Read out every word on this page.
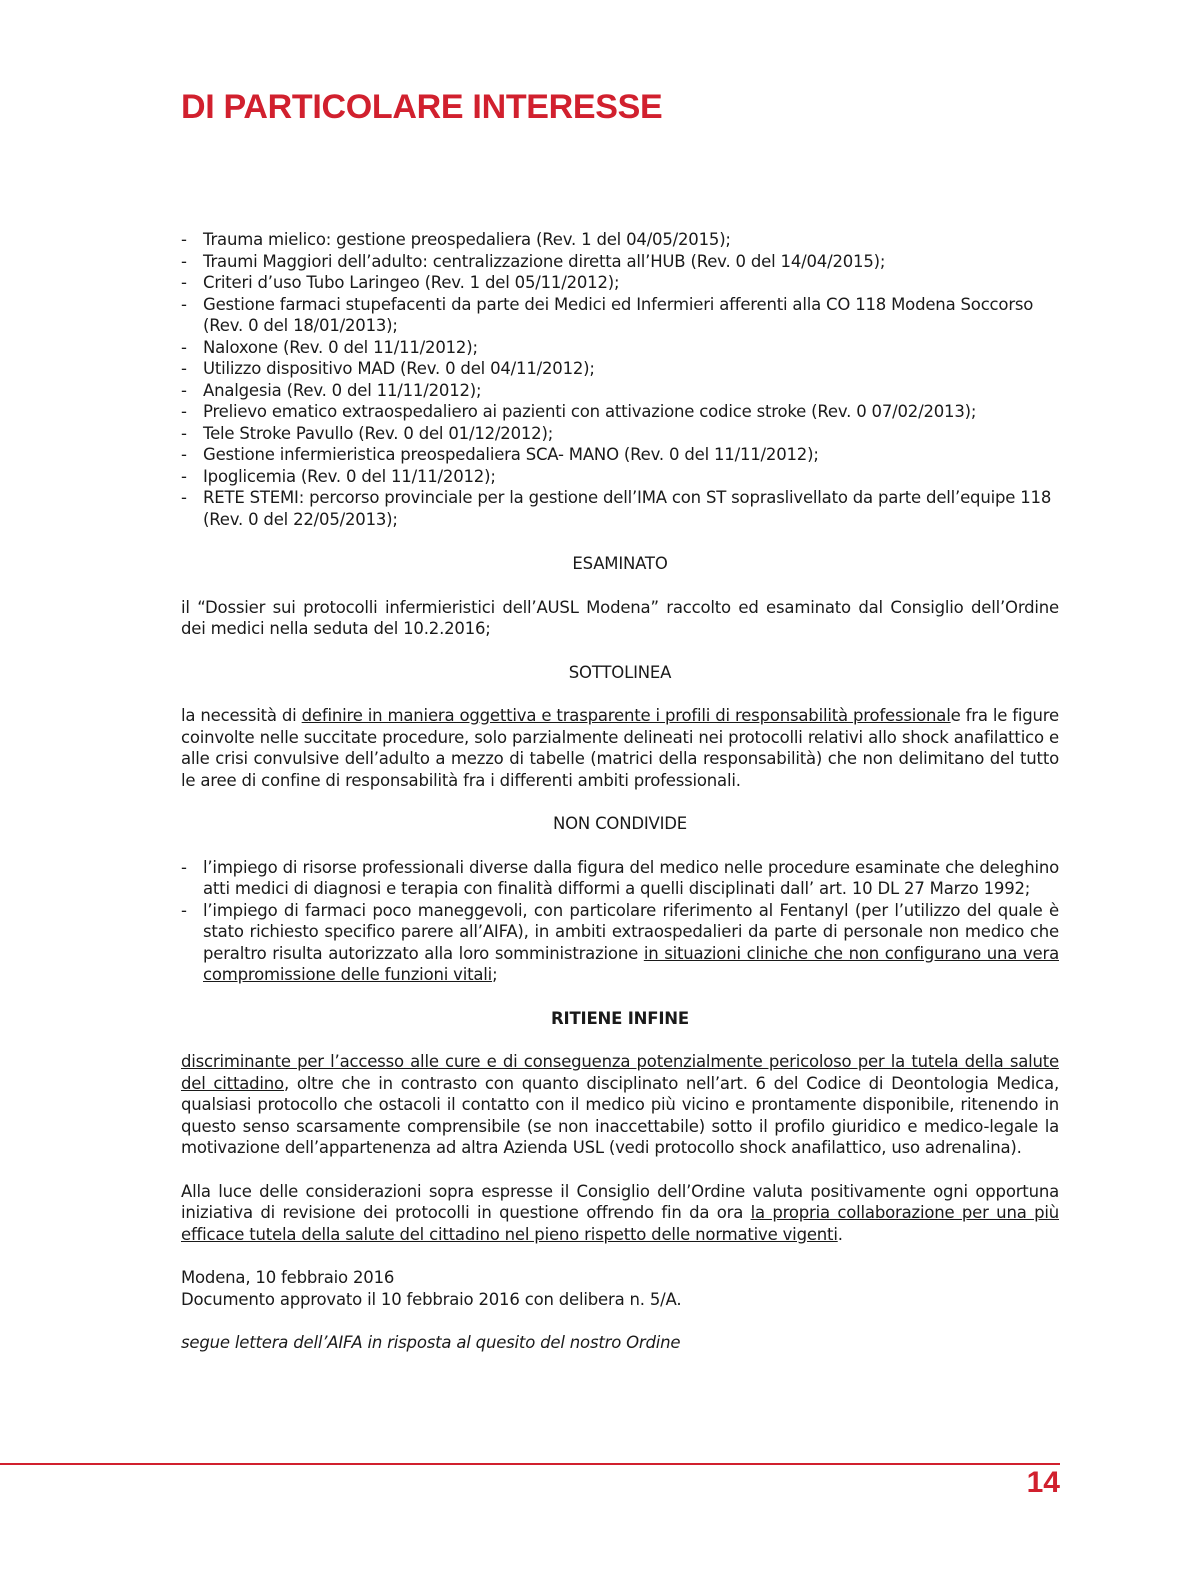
DI PARTICOLARE INTERESSE
- Trauma mielico: gestione preospedaliera (Rev. 1 del 04/05/2015);
- Traumi Maggiori dell’adulto: centralizzazione diretta all’HUB (Rev. 0 del 14/04/2015);
- Criteri d’uso Tubo Laringeo (Rev. 1 del 05/11/2012);
- Gestione farmaci stupefacenti da parte dei Medici ed Infermieri afferenti alla CO 118 Modena Soccorso (Rev. 0 del 18/01/2013);
- Naloxone (Rev. 0 del 11/11/2012);
- Utilizzo dispositivo MAD (Rev. 0 del 04/11/2012);
- Analgesia (Rev. 0 del 11/11/2012);
- Prelievo ematico extraospedaliero ai pazienti con attivazione codice stroke (Rev. 0 07/02/2013);
- Tele Stroke Pavullo (Rev. 0 del 01/12/2012);
- Gestione infermieristica preospedaliera SCA- MANO (Rev. 0 del 11/11/2012);
- Ipoglicemia (Rev. 0 del 11/11/2012);
- RETE STEMI: percorso provinciale per la gestione dell’IMA con ST sopraslivellato da parte dell’equipe 118 (Rev. 0 del 22/05/2013);

ESAMINATO

il “Dossier sui protocolli infermieristici dell’AUSL Modena” raccolto ed esaminato dal Consiglio dell’Ordine dei medici nella seduta del 10.2.2016;

SOTTOLINEA

la necessità di definire in maniera oggettiva e trasparente i profili di responsabilità professionale fra le figure coinvolte nelle succitate procedure, solo parzialmente delineati nei protocolli relativi allo shock anafilattico e alle crisi convulsive dell’adulto a mezzo di tabelle (matrici della responsabilità) che non delimitano del tutto le aree di confine di responsabilità fra i differenti ambiti professionali.

NON CONDIVIDE

- l’impiego di risorse professionali diverse dalla figura del medico nelle procedure esaminate che deleghino atti medici di diagnosi e terapia con finalità difformi a quelli disciplinati dall’ art. 10 DL 27 Marzo 1992;
- l’impiego di farmaci poco maneggevoli, con particolare riferimento al Fentanyl (per l’utilizzo del quale è stato richiesto specifico parere all’AIFA), in ambiti extraospedalieri da parte di personale non medico che peraltro risulta autorizzato alla loro somministrazione in situazioni cliniche che non configurano una vera compromissione delle funzioni vitali;

RITIENE INFINE

discriminante per l’accesso alle cure e di conseguenza potenzialmente pericoloso per la tutela della salute del cittadino, oltre che in contrasto con quanto disciplinato nell’art. 6 del Codice di Deontologia Medica, qualsiasi protocollo che ostacoli il contatto con il medico più vicino e prontamente disponibile, ritenendo in questo senso scarsamente comprensibile (se non inaccettabile) sotto il profilo giuridico e medico-legale la motivazione dell’appartenenza ad altra Azienda USL (vedi protocollo shock anafilattico, uso adrenalina).

Alla luce delle considerazioni sopra espresse il Consiglio dell’Ordine valuta positivamente ogni opportuna iniziativa di revisione dei protocolli in questione offrendo fin da ora la propria collaborazione per una più efficace tutela della salute del cittadino nel pieno rispetto delle normative vigenti.

Modena, 10 febbraio 2016

Documento approvato il 10 febbraio 2016 con delibera n. 5/A.

segue lettera dell’AIFA in risposta al quesito del nostro Ordine

14
